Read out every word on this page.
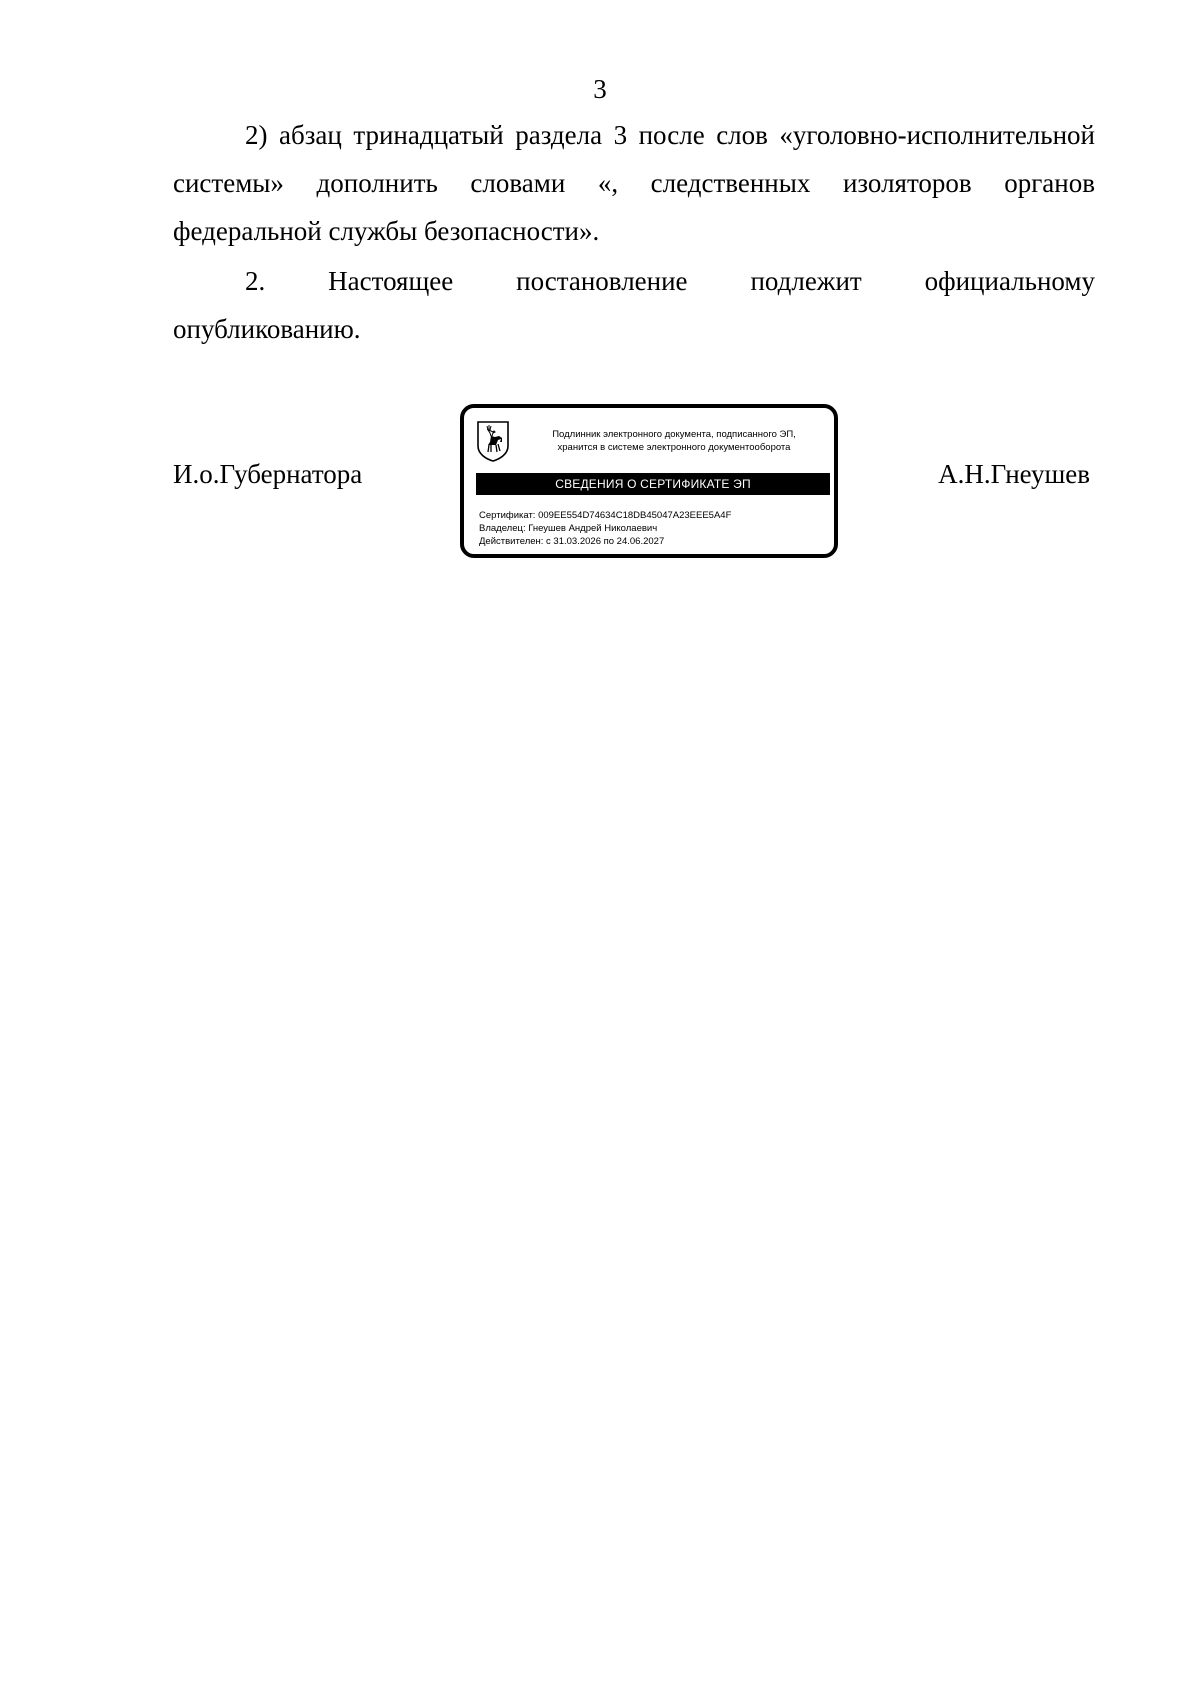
3

2) абзац тринадцатый раздела 3 после слов «уголовно-исполнительной системы» дополнить словами «, следственных изоляторов органов федеральной службы безопасности».

2. Настоящее постановление подлежит официальному
опубликованию.

И.о.Губернатора
Подлинник электронного документа, подписанного ЭП,
хранится в системе электронного документооборота
СВЕДЕНИЯ О СЕРТИФИКАТЕ ЭП
Сертификат: 009EE554D74634C18DB45047A23EEE5A4F
Владелец: Гнеушев Андрей Николаевич
Действителен: с 31.03.2026 по 24.06.2027
А.Н.Гнеушев
